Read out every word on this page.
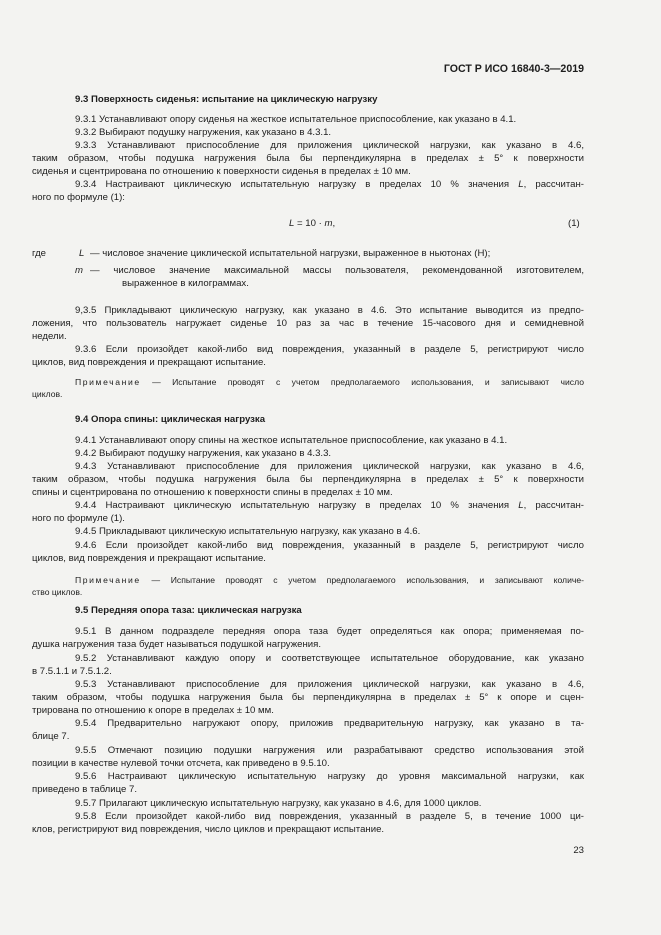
ГОСТ Р ИСО 16840-3—2019
9.3 Поверхность сиденья: испытание на циклическую нагрузку
9.3.1 Устанавливают опору сиденья на жесткое испытательное приспособление, как указано в 4.1.
9.3.2 Выбирают подушку нагружения, как указано в 4.3.1.
9.3.3 Устанавливают приспособление для приложения циклической нагрузки, как указано в 4.6,
таким образом, чтобы подушка нагружения была бы перпендикулярна в пределах ± 5° к поверхности
сиденья и сцентрирована по отношению к поверхности сиденья в пределах ± 10 мм.
9.3.4 Настраивают циклическую испытательную нагрузку в пределах 10 % значения L, рассчитан-
ного по формуле (1):
L = 10 · m,	(1)
где	L — числовое значение циклической испытательной нагрузки, выраженное в ньютонах (Н);
m — числовое значение максимальной массы пользователя, рекомендованной изготовителем,
выраженное в килограммах.
9,3.5 Прикладывают циклическую нагрузку, как указано в 4.6. Это испытание выводится из предпо-
ложения, что пользователь нагружает сиденье 10 раз за час в течение 15-часового дня и семидневной
недели.
9.3.6 Если произойдет какой-либо вид повреждения, указанный в разделе 5, регистрируют число
циклов, вид повреждения и прекращают испытание.
Примечание — Испытание проводят с учетом предполагаемого использования, и записывают число
циклов.
9.4 Опора спины: циклическая нагрузка
9.4.1 Устанавливают опору спины на жесткое испытательное приспособление, как указано в 4.1.
9.4.2 Выбирают подушку нагружения, как указано в 4.3.3.
9.4.3 Устанавливают приспособление для приложения циклической нагрузки, как указано в 4.6,
таким образом, чтобы подушка нагружения была бы перпендикулярна в пределах ± 5° к поверхности
спины и сцентрирована по отношению к поверхности спины в пределах ± 10 мм.
9.4.4 Настраивают циклическую испытательную нагрузку в пределах 10 % значения L, рассчитан-
ного по формуле (1).
9.4.5 Прикладывают циклическую испытательную нагрузку, как указано в 4.6.
9.4.6 Если произойдет какой-либо вид повреждения, указанный в разделе 5, регистрируют число
циклов, вид повреждения и прекращают испытание.
Примечание — Испытание проводят с учетом предполагаемого использования, и записывают количе-
ство циклов.
9.5 Передняя опора таза: циклическая нагрузка
9.5.1 В данном подразделе передняя опора таза будет определяться как опора; применяемая по-
душка нагружения таза будет называться подушкой нагружения.
9.5.2 Устанавливают каждую опору и соответствующее испытательное оборудование, как указано
в 7.5.1.1 и 7.5.1.2.
9.5.3 Устанавливают приспособление для приложения циклической нагрузки, как указано в 4.6,
таким образом, чтобы подушка нагружения была бы перпендикулярна в пределах ± 5° к опоре и сцен-
трирована по отношению к опоре в пределах ± 10 мм.
9.5.4 Предварительно нагружают опору, приложив предварительную нагрузку, как указано в та-
блице 7.
9.5.5 Отмечают позицию подушки нагружения или разрабатывают средство использования этой
позиции в качестве нулевой точки отсчета, как приведено в 9.5.10.
9.5.6 Настраивают циклическую испытательную нагрузку до уровня максимальной нагрузки, как
приведено в таблице 7.
9.5.7 Прилагают циклическую испытательную нагрузку, как указано в 4.6, для 1000 циклов.
9.5.8 Если произойдет какой-либо вид повреждения, указанный в разделе 5, в течение 1000 ци-
клов, регистрируют вид повреждения, число циклов и прекращают испытание.
23
